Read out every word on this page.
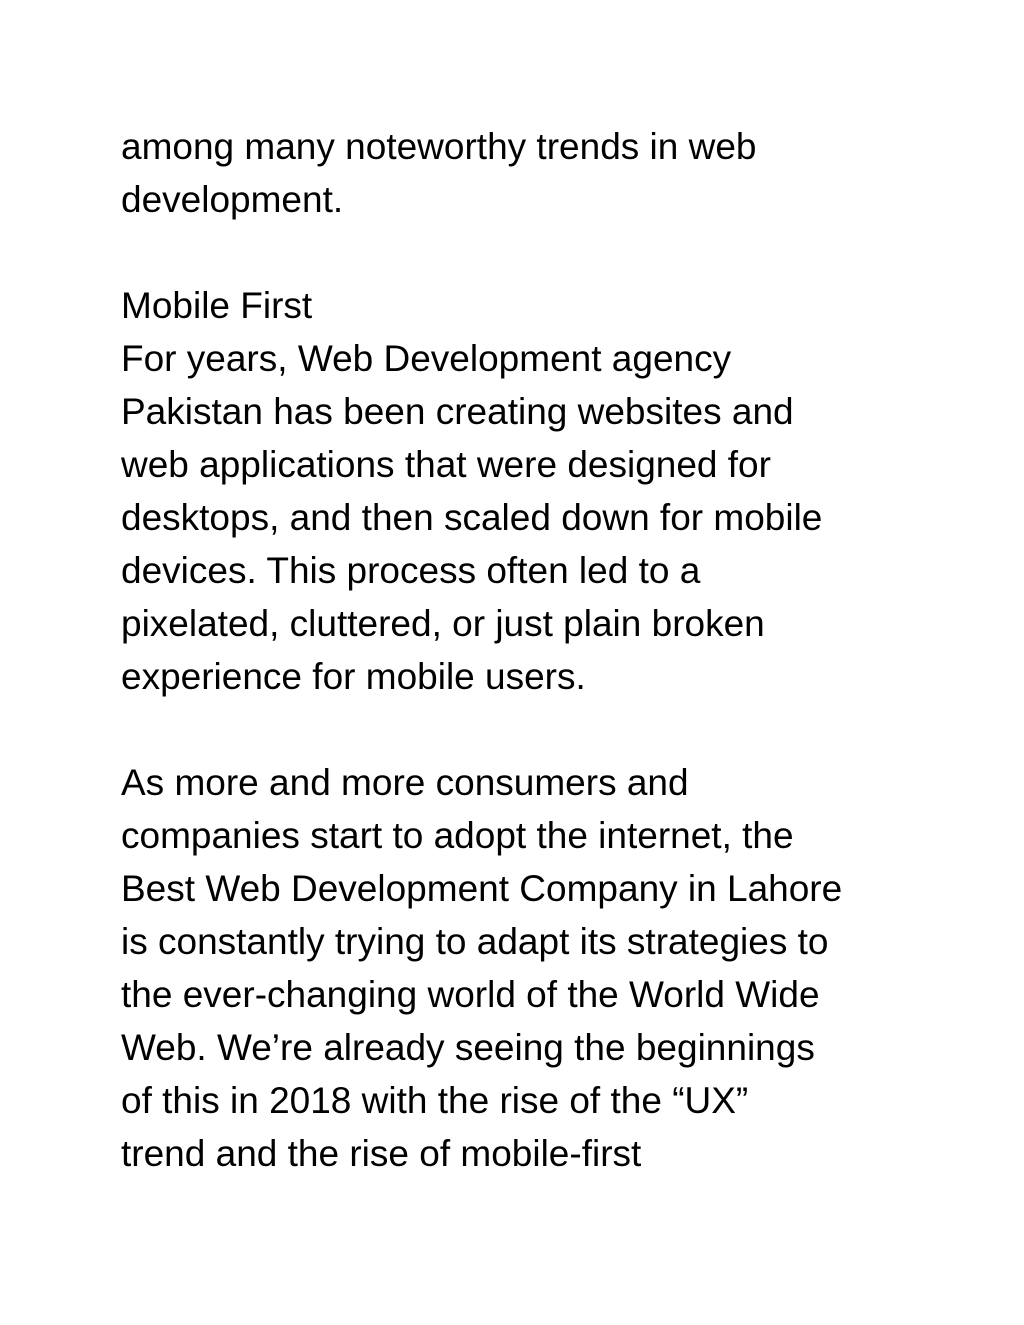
among many noteworthy trends in web
development.
Mobile First
For years, Web Development agency
Pakistan has been creating websites and
web applications that were designed for
desktops, and then scaled down for mobile
devices. This process often led to a
pixelated, cluttered, or just plain broken
experience for mobile users.
As more and more consumers and
companies start to adopt the internet, the
Best Web Development Company in Lahore
is constantly trying to adapt its strategies to
the ever-changing world of the World Wide
Web. We’re already seeing the beginnings
of this in 2018 with the rise of the “UX”
trend and the rise of mobile-first
